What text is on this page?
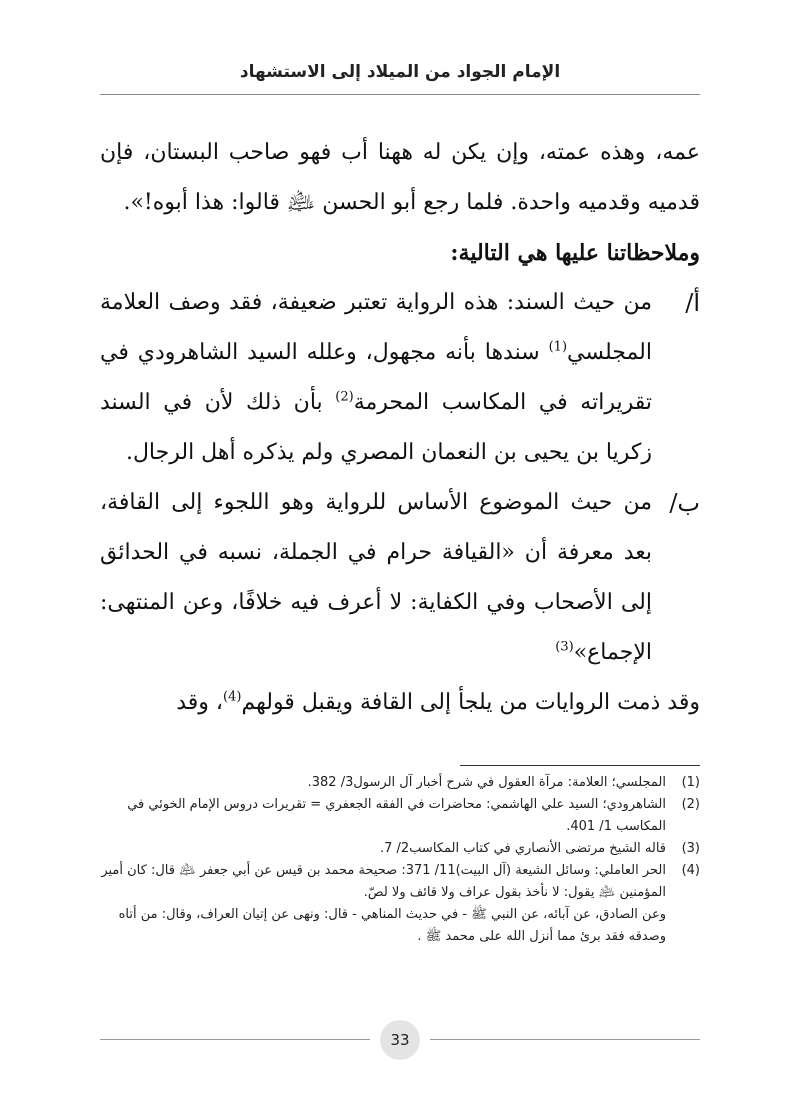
الإمام الجواد من الميلاد إلى الاستشهاد

عمه، وهذه عمته، وإن يكن له ههنا أب فهو صاحب البستان، فإن قدميه وقدميه واحدة. فلما رجع أبو الحسن ﵇ قالوا: هذا أبوه!».

وملاحظاتنا عليها هي التالية:

أ/
من حيث السند: هذه الرواية تعتبر ضعيفة، فقد وصف العلامة المجلسي$^{(1)}$ سندها بأنه مجهول، وعلله السيد الشاهرودي في تقريراته في المكاسب المحرمة$^{(2)}$ بأن ذلك لأن في السند زكريا بن يحيى بن النعمان المصري ولم يذكره أهل الرجال.
ب/
من حيث الموضوع الأساس للرواية وهو اللجوء إلى القافة، بعد معرفة أن «القيافة حرام في الجملة، نسبه في الحدائق إلى الأصحاب وفي الكفاية: لا أعرف فيه خلافًا، وعن المنتهى: الإجماع»$^{(3)}$

وقد ذمت الروايات من يلجأ إلى القافة ويقبل قولهم$^{(4)}$، وقد

(1)
المجلسي؛ العلامة: مرآة العقول في شرح أخبار آل الرسول3/ 382.
(2)
الشاهرودي؛ السيد علي الهاشمي: محاضرات في الفقه الجعفري = تقريرات دروس الإمام الخوئي في المكاسب 1/ 401.
(3)
قاله الشيخ مرتضى الأنصاري في كتاب المكاسب2/ 7.
(4)
الحر العاملي: وسائل الشيعة (آل البيت)11/ 371: صحيحة محمد بن قيس عن أبي جعفر ﵇ قال: كان أمير المؤمنين ﵇ يقول: لا نأخذ بقول عراف ولا قائف ولا لصّ.
وعن الصادق، عن آبائه، عن النبي ﷺ - في حديث المناهي - قال: ونهى عن إتيان العراف، وقال: من أتاه وصدقه فقد برئ مما أنزل الله على محمد ﷺ .
33
